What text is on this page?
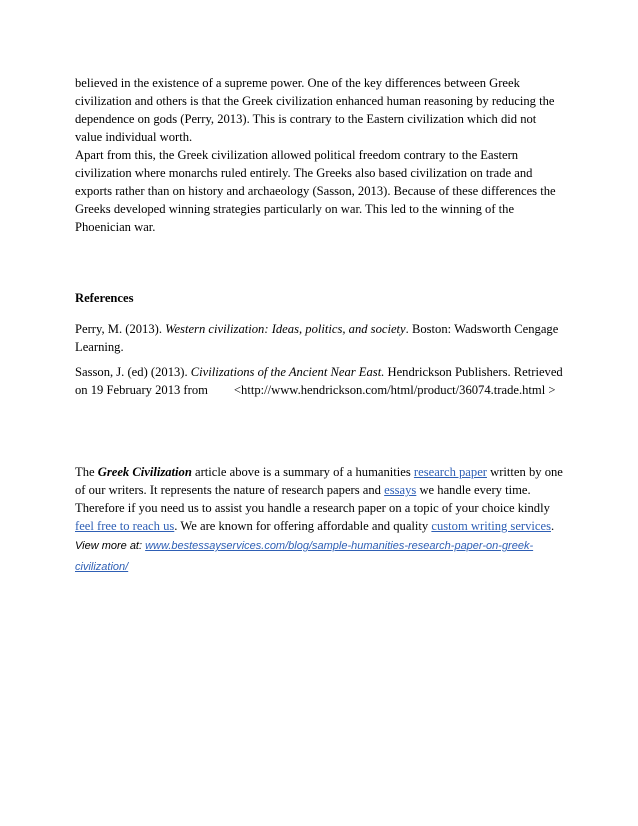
believed in the existence of a supreme power. One of the key differences between Greek civilization and others is that the Greek civilization enhanced human reasoning by reducing the dependence on gods (Perry, 2013). This is contrary to the Eastern civilization which did not value individual worth.

Apart from this, the Greek civilization allowed political freedom contrary to the Eastern civilization where monarchs ruled entirely. The Greeks also based civilization on trade and exports rather than on history and archaeology (Sasson, 2013). Because of these differences the Greeks developed winning strategies particularly on war. This led to the winning of the Phoenician war.

References

Perry, M. (2013). Western civilization: Ideas, politics, and society. Boston: Wadsworth Cengage Learning.

Sasson, J. (ed) (2013). Civilizations of the Ancient Near East. Hendrickson Publishers. Retrieved on 19 February 2013 from <http://www.hendrickson.com/html/product/36074.trade.html >

The Greek Civilization article above is a summary of a humanities research paper written by one of our writers. It represents the nature of research papers and essays we handle every time. Therefore if you need us to assist you handle a research paper on a topic of your choice kindly feel free to reach us. We are known for offering affordable and quality custom writing services.

View more at: www.bestessayservices.com/blog/sample-humanities-research-paper-on-greek-civilization/
